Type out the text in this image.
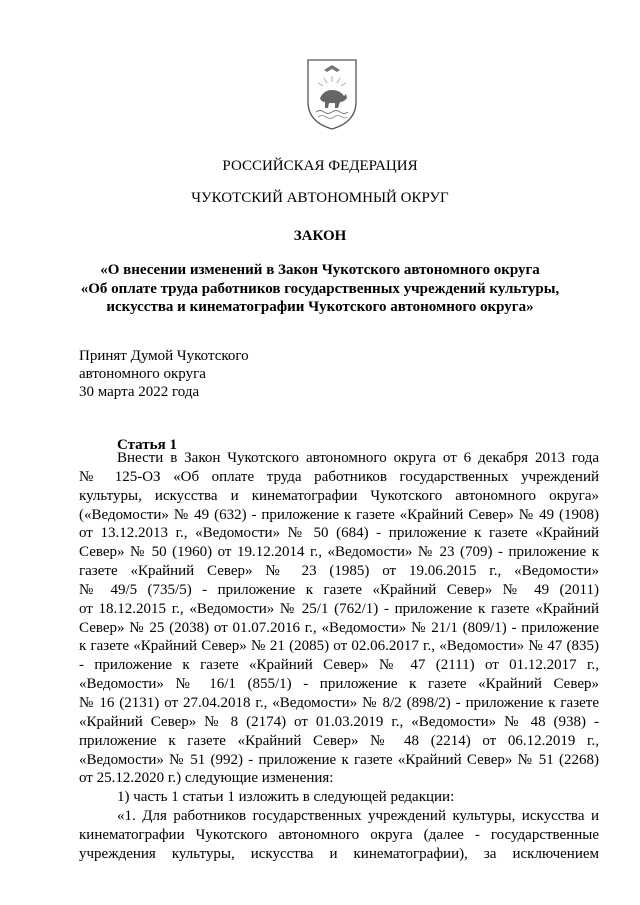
РОССИЙСКАЯ ФЕДЕРАЦИЯ
ЧУКОТСКИЙ АВТОНОМНЫЙ ОКРУГ
ЗАКОН
«О внесении изменений в Закон Чукотского автономного округа
«Об оплате труда работников государственных учреждений культуры,
искусства и кинематографии Чукотского автономного округа»
Принят Думой Чукотского
автономного округа
30 марта 2022 года
Статья 1
Внести в Закон Чукотского автономного округа от 6 декабря 2013 года
№ 125-ОЗ «Об оплате труда работников государственных учреждений
культуры, искусства и кинематографии Чукотского автономного округа»
(«Ведомости» № 49 (632) - приложение к газете «Крайний Север» № 49 (1908)
от 13.12.2013 г., «Ведомости» № 50 (684) - приложение к газете «Крайний
Север» № 50 (1960) от 19.12.2014 г., «Ведомости» № 23 (709) - приложение к
газете «Крайний Север» № 23 (1985) от 19.06.2015 г., «Ведомости»
№ 49/5 (735/5) - приложение к газете «Крайний Север» № 49 (2011)
от 18.12.2015 г., «Ведомости» № 25/1 (762/1) - приложение к газете «Крайний
Север» № 25 (2038) от 01.07.2016 г., «Ведомости» № 21/1 (809/1) - приложение
к газете «Крайний Север» № 21 (2085) от 02.06.2017 г., «Ведомости» № 47 (835)
- приложение к газете «Крайний Север» № 47 (2111) от 01.12.2017 г.,
«Ведомости» № 16/1 (855/1) - приложение к газете «Крайний Север»
№ 16 (2131) от 27.04.2018 г., «Ведомости» № 8/2 (898/2) - приложение к газете
«Крайний Север» № 8 (2174) от 01.03.2019 г., «Ведомости» № 48 (938) -
приложение к газете «Крайний Север» № 48 (2214) от 06.12.2019 г.,
«Ведомости» № 51 (992) - приложение к газете «Крайний Север» № 51 (2268)
от 25.12.2020 г.) следующие изменения:
1) часть 1 статьи 1 изложить в следующей редакции:
«1. Для работников государственных учреждений культуры, искусства и
кинематографии Чукотского автономного округа (далее - государственные
учреждения культуры, искусства и кинематографии), за исключением
